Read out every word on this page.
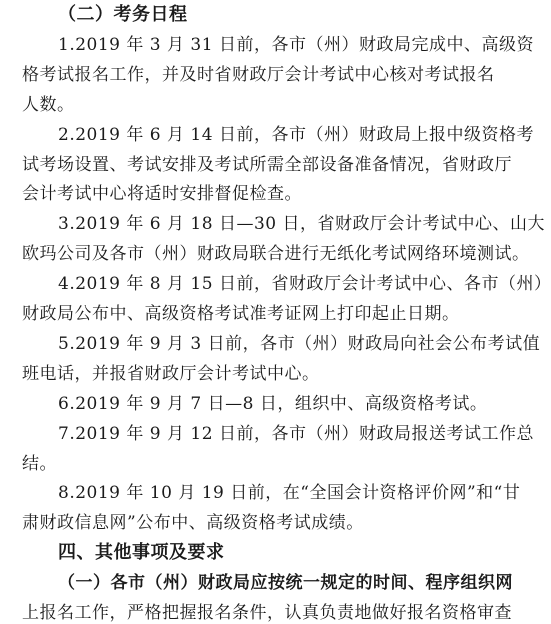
（二）考务日程
1.2019 年 3 月 31 日前，各市（州）财政局完成中、高级资
格考试报名工作，并及时省财政厅会计考试中心核对考试报名
人数。
2.2019 年 6 月 14 日前，各市（州）财政局上报中级资格考
试考场设置、考试安排及考试所需全部设备准备情况，省财政厅
会计考试中心将适时安排督促检查。
3.2019 年 6 月 18 日—30 日，省财政厅会计考试中心、山大
欧玛公司及各市（州）财政局联合进行无纸化考试网络环境测试。
4.2019 年 8 月 15 日前，省财政厅会计考试中心、各市（州）
财政局公布中、高级资格考试准考证网上打印起止日期。
5.2019 年 9 月 3 日前，各市（州）财政局向社会公布考试值
班电话，并报省财政厅会计考试中心。
6.2019 年 9 月 7 日—8 日，组织中、高级资格考试。
7.2019 年 9 月 12 日前，各市（州）财政局报送考试工作总
结。
8.2019 年 10 月 19 日前，在“全国会计资格评价网”和“甘
肃财政信息网”公布中、高级资格考试成绩。
四、其他事项及要求
（一）各市（州）财政局应按统一规定的时间、程序组织网
上报名工作，严格把握报名条件，认真负责地做好报名资格审查
